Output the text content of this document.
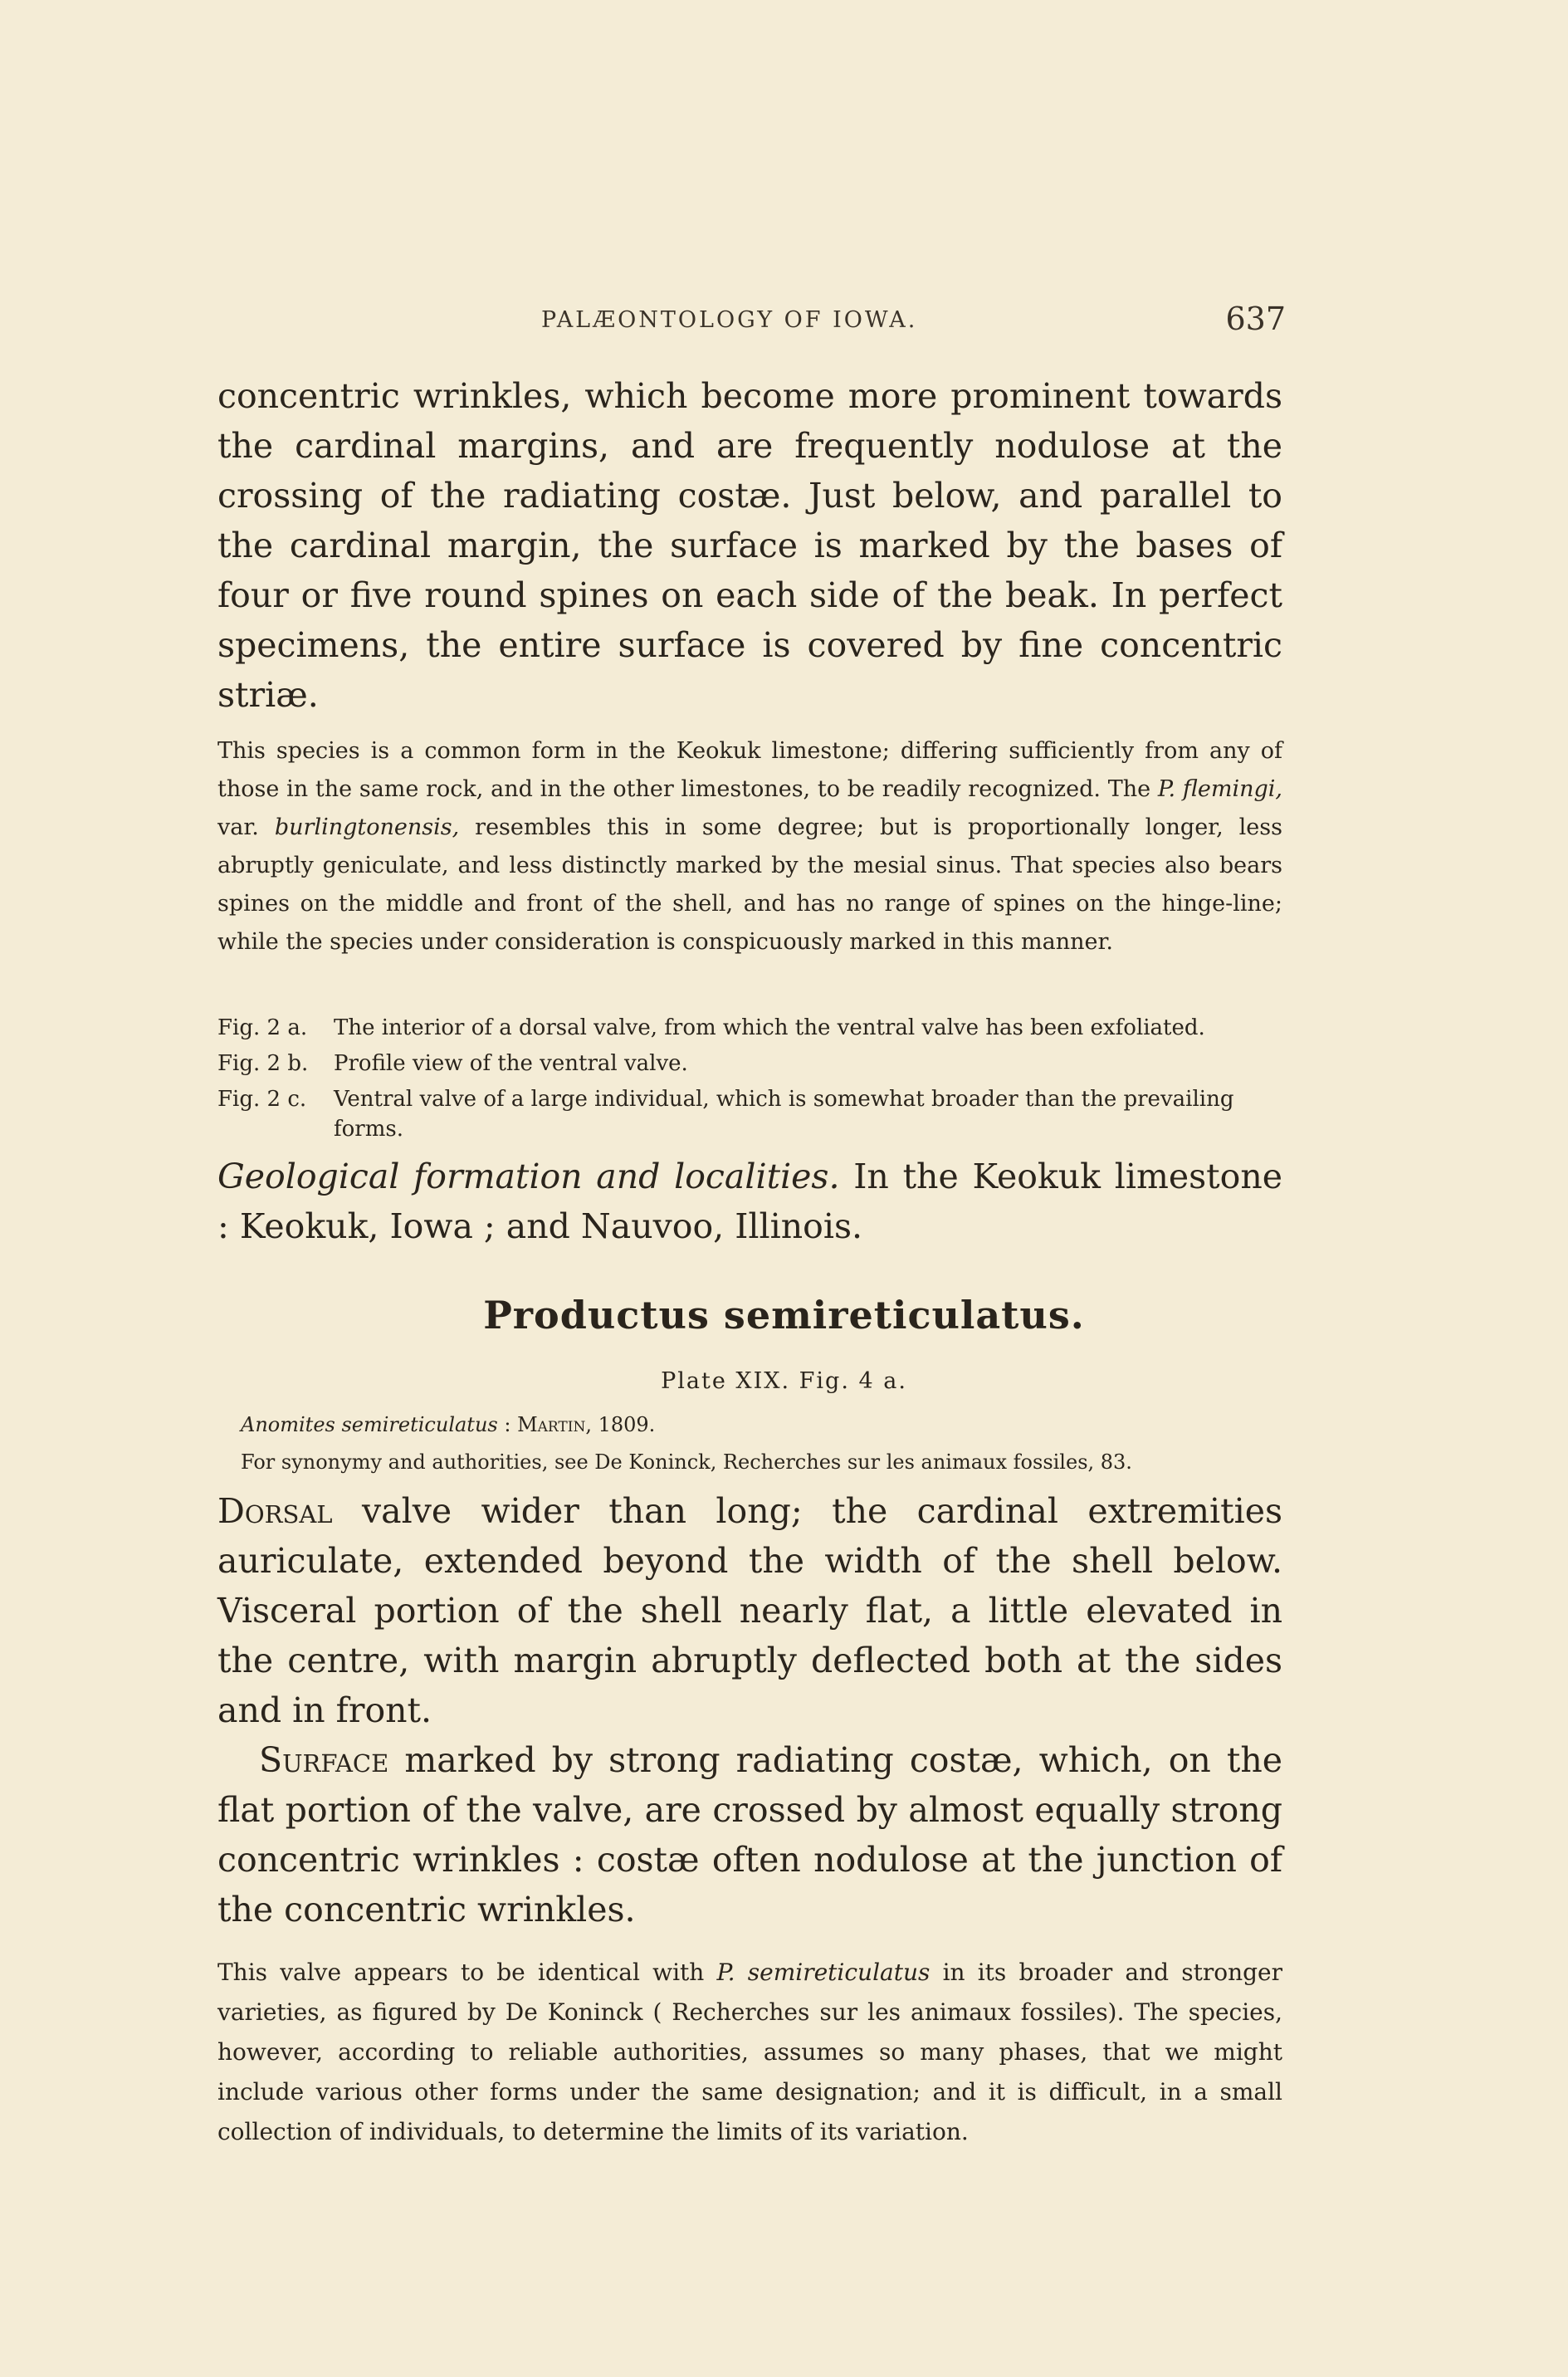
PALÆONTOLOGY OF IOWA.	637
concentric wrinkles, which become more prominent towards the cardinal margins, and are frequently nodulose at the crossing of the radiating costæ. Just below, and parallel to the cardinal margin, the surface is marked by the bases of four or five round spines on each side of the beak. In perfect specimens, the entire surface is covered by fine concentric striæ.
This species is a common form in the Keokuk limestone; differing sufficiently from any of those in the same rock, and in the other limestones, to be readily recognized. The P. flemingi, var. burlingtonensis, resembles this in some degree; but is proportionally longer, less abruptly geniculate, and less distinctly marked by the mesial sinus. That species also bears spines on the middle and front of the shell, and has no range of spines on the hinge-line; while the species under consideration is conspicuously marked in this manner.
Fig. 2 a. The interior of a dorsal valve, from which the ventral valve has been exfoliated.
Fig. 2 b. Profile view of the ventral valve.
Fig. 2 c. Ventral valve of a large individual, which is somewhat broader than the prevailing forms.
Geological formation and localities. In the Keokuk limestone : Keokuk, Iowa ; and Nauvoo, Illinois.
Productus semireticulatus.
Plate XIX. Fig. 4 a.
Anomites semireticulatus : Martin, 1809.
For synonymy and authorities, see De Koninck, Recherches sur les animaux fossiles, 83.
Dorsal valve wider than long; the cardinal extremities auriculate, extended beyond the width of the shell below. Visceral portion of the shell nearly flat, a little elevated in the centre, with margin abruptly deflected both at the sides and in front.
Surface marked by strong radiating costæ, which, on the flat portion of the valve, are crossed by almost equally strong concentric wrinkles : costæ often nodulose at the junction of the concentric wrinkles.
This valve appears to be identical with P. semireticulatus in its broader and stronger varieties, as figured by De Koninck ( Recherches sur les animaux fossiles). The species, however, according to reliable authorities, assumes so many phases, that we might include various other forms under the same designation; and it is difficult, in a small collection of individuals, to determine the limits of its variation.
